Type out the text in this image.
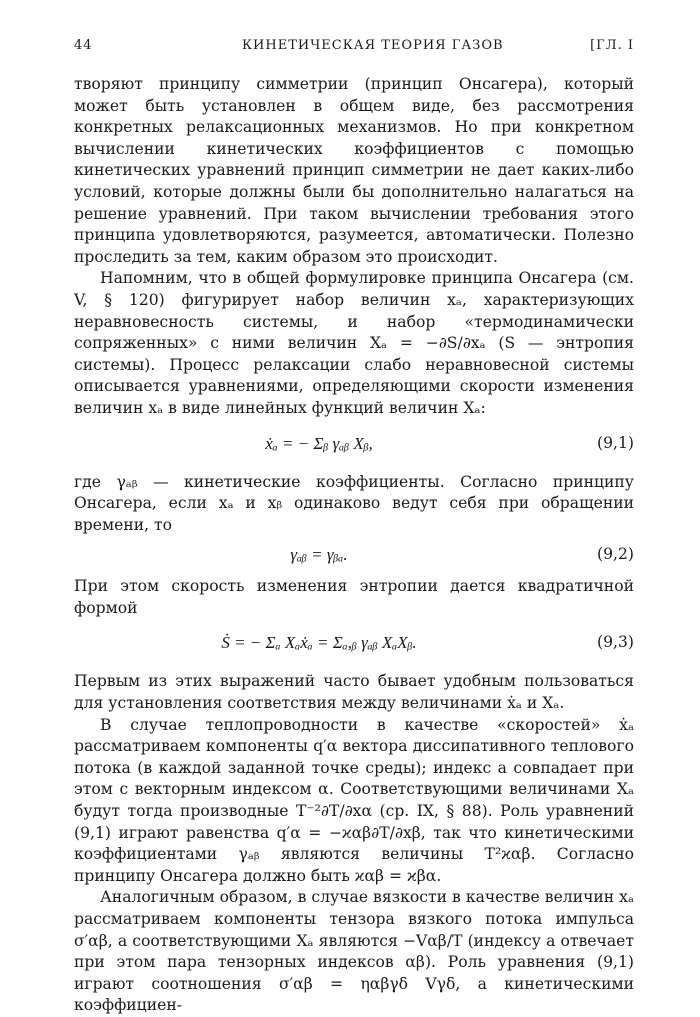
44	КИНЕТИЧЕСКАЯ ТЕОРИЯ ГАЗОВ	[ГЛ. I

творяют принципу симметрии (принцип Онсагера), который может быть установлен в общем виде, без рассмотрения конкретных релаксационных механизмов. Но при конкретном вычислении кинетических коэффициентов с помощью кинетических уравнений принцип симметрии не дает каких-либо условий, которые должны были бы дополнительно налагаться на решение уравнений. При таком вычислении требования этого принципа удовлетворяются, разумеется, автоматически. Полезно проследить за тем, каким образом это происходит.

Напомним, что в общей формулировке принципа Онсагера (см. V, § 120) фигурирует набор величин xₐ, характеризующих неравновесность системы, и набор «термодинамически сопряженных» с ними величин Xₐ = −∂S/∂xₐ (S — энтропия системы). Процесс релаксации слабо неравновесной системы описывается уравнениями, определяющими скорости изменения величин xₐ в виде линейных функций величин Xₐ:

ẋₐ = − Σᵦ γₐᵦ Xᵦ,	(9,1)

где γₐᵦ — кинетические коэффициенты. Согласно принципу Онсагера, если xₐ и xᵦ одинаково ведут себя при обращении времени, то

γₐᵦ = γᵦₐ.	(9,2)

При этом скорость изменения энтропии дается квадратичной формой

Ṡ = − Σₐ Xₐẋₐ = Σₐ,ᵦ γₐᵦ XₐXᵦ.	(9,3)

Первым из этих выражений часто бывает удобным пользоваться для установления соответствия между величинами ẋₐ и Xₐ.

В случае теплопроводности в качестве «скоростей» ẋₐ рассматриваем компоненты q′α вектора диссипативного теплового потока (в каждой заданной точке среды); индекс a совпадает при этом с векторным индексом α. Соответствующими величинами Xₐ будут тогда производные T⁻²∂T/∂xα (ср. IX, § 88). Роль уравнений (9,1) играют равенства q′α = −ϰαβ∂T/∂xβ, так что кинетическими коэффициентами γₐᵦ являются величины T²ϰαβ. Согласно принципу Онсагера должно быть ϰαβ = ϰβα.

Аналогичным образом, в случае вязкости в качестве величин xₐ рассматриваем компоненты тензора вязкого потока импульса σ′αβ, а соответствующими Xₐ являются −Vαβ/T (индексу a отвечает при этом пара тензорных индексов αβ). Роль уравнения (9,1) играют соотношения σ′αβ = ηαβγδ Vγδ, а кинетическими коэффициен-
